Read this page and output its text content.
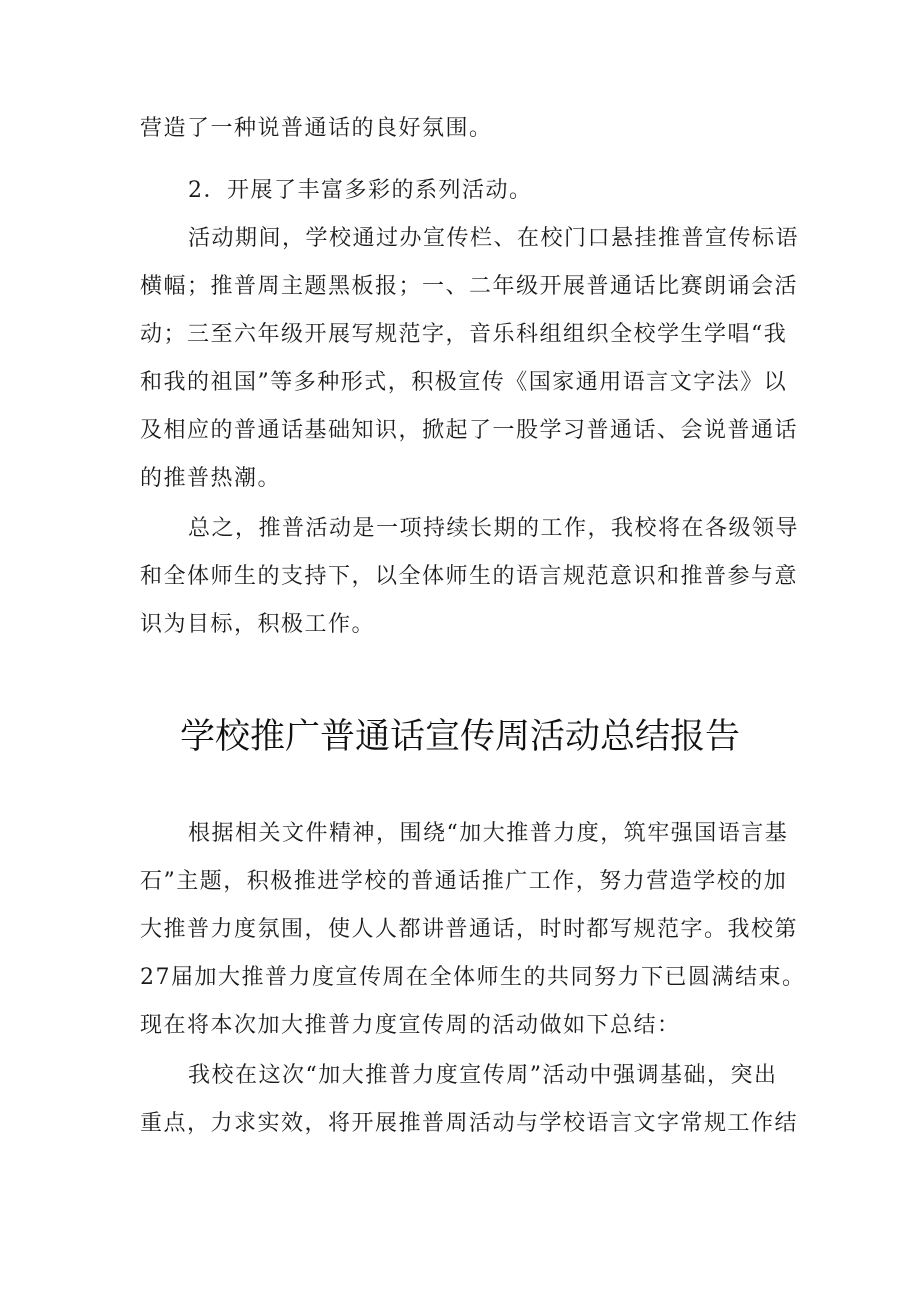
营造了一种说普通话的良好氛围。
2．开展了丰富多彩的系列活动。
活动期间，学校通过办宣传栏、在校门口悬挂推普宣传标语
横幅；推普周主题黑板报；一、二年级开展普通话比赛朗诵会活
动；三至六年级开展写规范字，音乐科组组织全校学生学唱“我
和我的祖国”等多种形式，积极宣传《国家通用语言文字法》以
及相应的普通话基础知识，掀起了一股学习普通话、会说普通话
的推普热潮。
总之，推普活动是一项持续长期的工作，我校将在各级领导
和全体师生的支持下，以全体师生的语言规范意识和推普参与意
识为目标，积极工作。
学校推广普通话宣传周活动总结报告
根据相关文件精神，围绕“加大推普力度，筑牢强国语言基
石”主题，积极推进学校的普通话推广工作，努力营造学校的加
大推普力度氛围，使人人都讲普通话，时时都写规范字。我校第
27届加大推普力度宣传周在全体师生的共同努力下已圆满结束。
现在将本次加大推普力度宣传周的活动做如下总结：
我校在这次“加大推普力度宣传周”活动中强调基础，突出
重点，力求实效，将开展推普周活动与学校语言文字常规工作结
